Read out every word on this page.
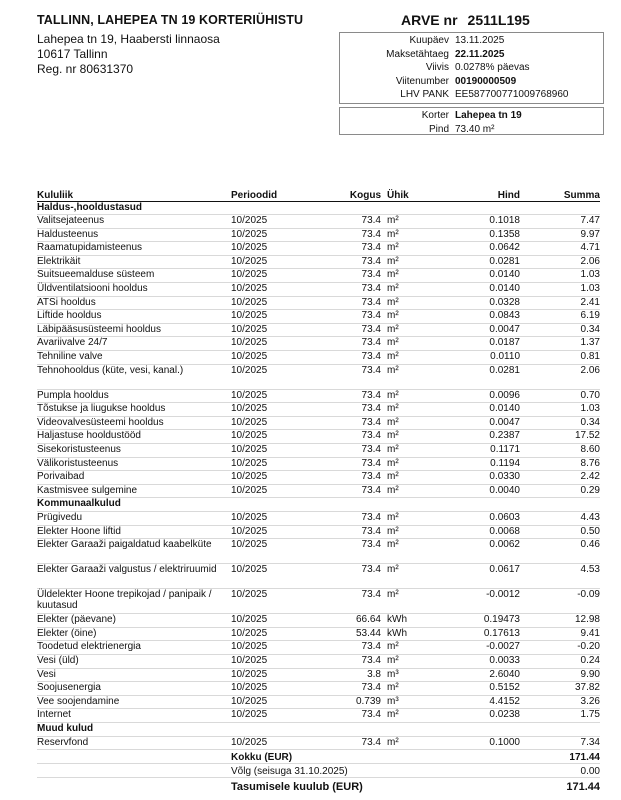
TALLINN, LAHEPEA TN 19 KORTERIÜHISTU
Lahepea tn 19, Haabersti linnaosa
10617 Tallinn
Reg. nr 80631370
ARVE nr 2511L195
Kuupäev 13.11.2025
Maksetähtaeg 22.11.2025
Viivis 0.0278% päevas
Viitenumber 00190000509
LHV PANK EE587700771009768960
Korter Lahepea tn 19
Pind 73.40 m²
Kululiik	Perioodid	Kogus	Ühik	Hind	Summa
Haldus-,hooldustasud					
Valitsejateenus	10/2025	73.4	m²	0.1018	7.47
Haldusteenus	10/2025	73.4	m²	0.1358	9.97
Raamatupidamisteenus	10/2025	73.4	m²	0.0642	4.71
Elektrikäit	10/2025	73.4	m²	0.0281	2.06
Suitsueemalduse süsteem	10/2025	73.4	m²	0.0140	1.03
Üldventilatsiooni hooldus	10/2025	73.4	m²	0.0140	1.03
ATSi hooldus	10/2025	73.4	m²	0.0328	2.41
Liftide hooldus	10/2025	73.4	m²	0.0843	6.19
Läbipääsusüsteemi hooldus	10/2025	73.4	m²	0.0047	0.34
Avariivalve 24/7	10/2025	73.4	m²	0.0187	1.37
Tehniline valve	10/2025	73.4	m²	0.0110	0.81
Tehnohooldus (küte, vesi, kanal.)	10/2025	73.4	m²	0.0281	2.06
Pumpla hooldus	10/2025	73.4	m²	0.0096	0.70
Tõstukse ja liugukse hooldus	10/2025	73.4	m²	0.0140	1.03
Videovalvesüsteemi hooldus	10/2025	73.4	m²	0.0047	0.34
Haljastuse hooldustööd	10/2025	73.4	m²	0.2387	17.52
Sisekoristusteenus	10/2025	73.4	m²	0.1171	8.60
Välikoristusteenus	10/2025	73.4	m²	0.1194	8.76
Porivaibad	10/2025	73.4	m²	0.0330	2.42
Kastmisvee sulgemine	10/2025	73.4	m²	0.0040	0.29
Kommunaalkulud					
Prügivedu	10/2025	73.4	m²	0.0603	4.43
Elekter Hoone liftid	10/2025	73.4	m²	0.0068	0.50
Elekter Garaaži paigaldatud kaabelküte	10/2025	73.4	m²	0.0062	0.46
Elekter Garaaži valgustus / elektriruumid	10/2025	73.4	m²	0.0617	4.53
Üldelekter Hoone trepikojad / panipaik / kuutasud	10/2025	73.4	m²	-0.0012	-0.09
Elekter (päevane)	10/2025	66.64	kWh	0.19473	12.98
Elekter (öine)	10/2025	53.44	kWh	0.17613	9.41
Toodetud elektrienergia	10/2025	73.4	m²	-0.0027	-0.20
Vesi (üld)	10/2025	73.4	m²	0.0033	0.24
Vesi	10/2025	3.8	m³	2.6040	9.90
Soojusenergia	10/2025	73.4	m²	0.5152	37.82
Vee soojendamine	10/2025	0.739	m³	4.4152	3.26
Internet	10/2025	73.4	m²	0.0238	1.75
Muud kulud					
Reservfond	10/2025	73.4	m²	0.1000	7.34
Kokku (EUR)	171.44
Võlg (seisuga 31.10.2025)	0.00
Tasumisele kuulub (EUR)	171.44
